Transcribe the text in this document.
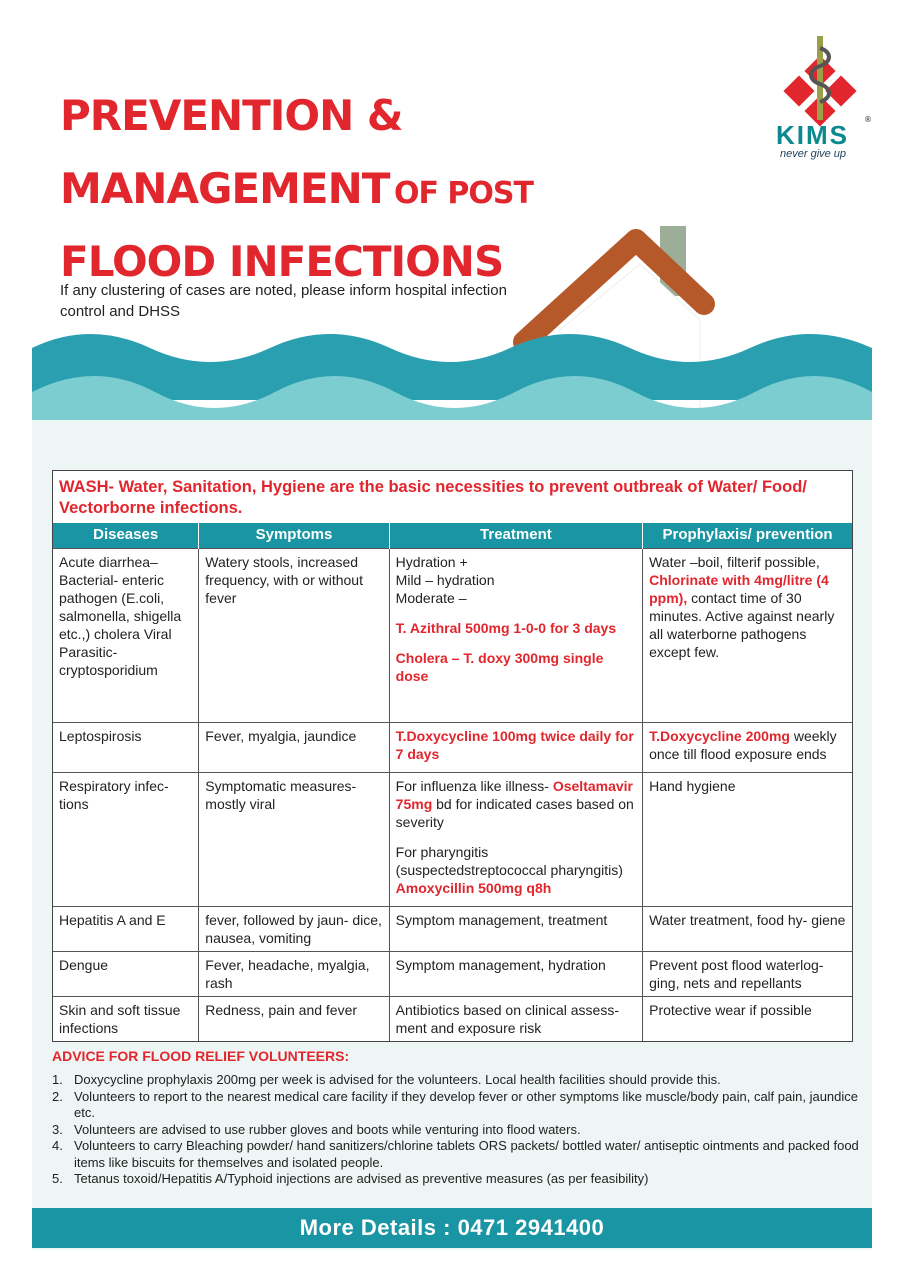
PREVENTION &
MANAGEMENT OF POST
FLOOD INFECTIONS
If any clustering of cases are noted, please inform hospital infection control and DHSS
®
KIMS
never give up
WASH- Water, Sanitation, Hygiene are the basic necessities to prevent outbreak of Water/ Food/ Vectorborne infections.
Diseases	Symptoms	Treatment	Prophylaxis/ prevention
Acute diarrhea– Bacterial- enteric pathogen (E.coli, salmonella, shigella etc.,) cholera Viral Parasitic- cryptosporidium	Watery stools, increased frequency, with or without fever	Hydration +
Mild – hydration
Moderate –
T. Azithral 500mg 1-0-0 for 3 days
Cholera – T. doxy 300mg single dose	Water –boil, filterif possible, Chlorinate with 4mg/litre (4 ppm), contact time of 30 minutes. Active against nearly all waterborne pathogens except few.
Leptospirosis	Fever, myalgia, jaundice	T.Doxycycline 100mg twice daily for 7 days	T.Doxycycline 200mg weekly once till flood exposure ends
Respiratory infec- tions	Symptomatic measures- mostly viral	For influenza like illness- Oseltamavir 75mg bd for indicated cases based on severity
For pharyngitis (suspectedstreptococcal pharyngitis) Amoxycillin 500mg q8h	Hand hygiene
Hepatitis A and E	fever, followed by jaun- dice, nausea, vomiting	Symptom management, treatment	Water treatment, food hy- giene
Dengue	Fever, headache, myalgia, rash	Symptom management, hydration	Prevent post flood waterlog- ging, nets and repellants
Skin and soft tissue infections	Redness, pain and fever	Antibiotics based on clinical assess- ment and exposure risk	Protective wear if possible
ADVICE FOR FLOOD RELIEF VOLUNTEERS:
1. Doxycycline prophylaxis 200mg per week is advised for the volunteers. Local health facilities should provide this.
2. Volunteers to report to the nearest medical care facility if they develop fever or other symptoms like muscle/body pain, calf pain, jaundice etc.
3. Volunteers are advised to use rubber gloves and boots while venturing into flood waters.
4. Volunteers to carry Bleaching powder/ hand sanitizers/chlorine tablets ORS packets/ bottled water/ antiseptic ointments and packed food items like biscuits for themselves and isolated people.
5. Tetanus toxoid/Hepatitis A/Typhoid injections are advised as preventive measures (as per feasibility)
More Details : 0471 2941400
